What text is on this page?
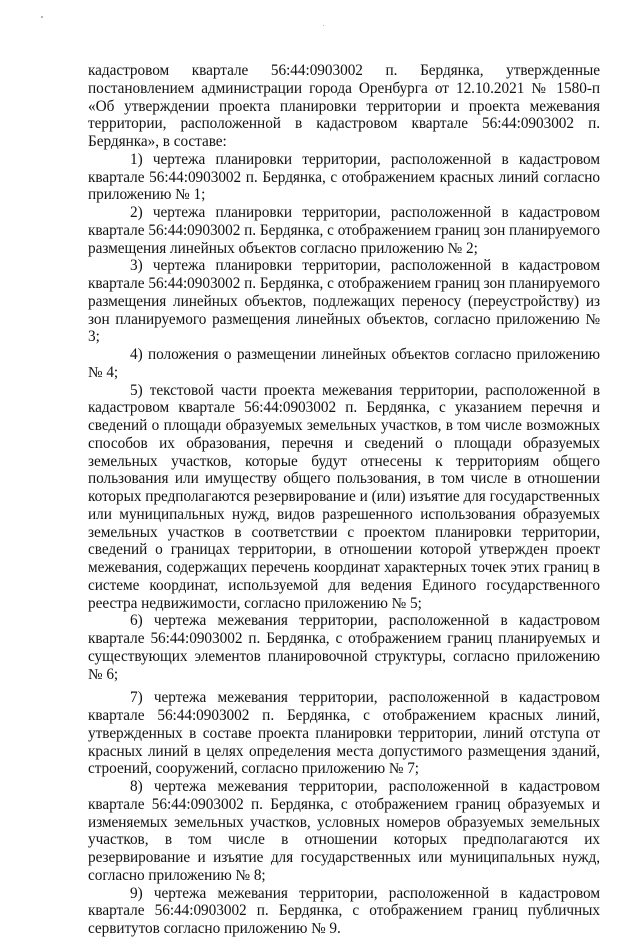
кадастровом квартале 56:44:0903002 п. Бердянка, утвержденные постановлением администрации города Оренбурга от 12.10.2021 № 1580-п «Об утверждении проекта планировки территории и проекта межевания территории, расположенной в кадастровом квартале 56:44:0903002 п. Бердянка», в составе:

1) чертежа планировки территории, расположенной в кадастровом квартале 56:44:0903002 п. Бердянка, с отображением красных линий согласно приложению № 1;

2) чертежа планировки территории, расположенной в кадастровом квартале 56:44:0903002 п. Бердянка, с отображением границ зон планируемого размещения линейных объектов согласно приложению № 2;

3) чертежа планировки территории, расположенной в кадастровом квартале 56:44:0903002 п. Бердянка, с отображением границ зон планируемого размещения линейных объектов, подлежащих переносу (переустройству) из зон планируемого размещения линейных объектов, согласно приложению № 3;

4) положения о размещении линейных объектов согласно приложению № 4;

5) текстовой части проекта межевания территории, расположенной в кадастровом квартале 56:44:0903002 п. Бердянка, с указанием перечня и сведений о площади образуемых земельных участков, в том числе возможных способов их образования, перечня и сведений о площади образуемых земельных участков, которые будут отнесены к территориям общего пользования или имуществу общего пользования, в том числе в отношении которых предполагаются резервирование и (или) изъятие для государственных или муниципальных нужд, видов разрешенного использования образуемых земельных участков в соответствии с проектом планировки территории, сведений о границах территории, в отношении которой утвержден проект межевания, содержащих перечень координат характерных точек этих границ в системе координат, используемой для ведения Единого государственного реестра недвижимости, согласно приложению № 5;

6) чертежа межевания территории, расположенной в кадастровом квартале 56:44:0903002 п. Бердянка, с отображением границ планируемых и существующих элементов планировочной структуры, согласно приложению № 6;

7) чертежа межевания территории, расположенной в кадастровом квартале 56:44:0903002 п. Бердянка, с отображением красных линий, утвержденных в составе проекта планировки территории, линий отступа от красных линий в целях определения места допустимого размещения зданий, строений, сооружений, согласно приложению № 7;

8) чертежа межевания территории, расположенной в кадастровом квартале 56:44:0903002 п. Бердянка, с отображением границ образуемых и изменяемых земельных участков, условных номеров образуемых земельных участков, в том числе в отношении которых предполагаются их резервирование и изъятие для государственных или муниципальных нужд, согласно приложению № 8;

9) чертежа межевания территории, расположенной в кадастровом квартале 56:44:0903002 п. Бердянка, с отображением границ публичных сервитутов согласно приложению № 9.
